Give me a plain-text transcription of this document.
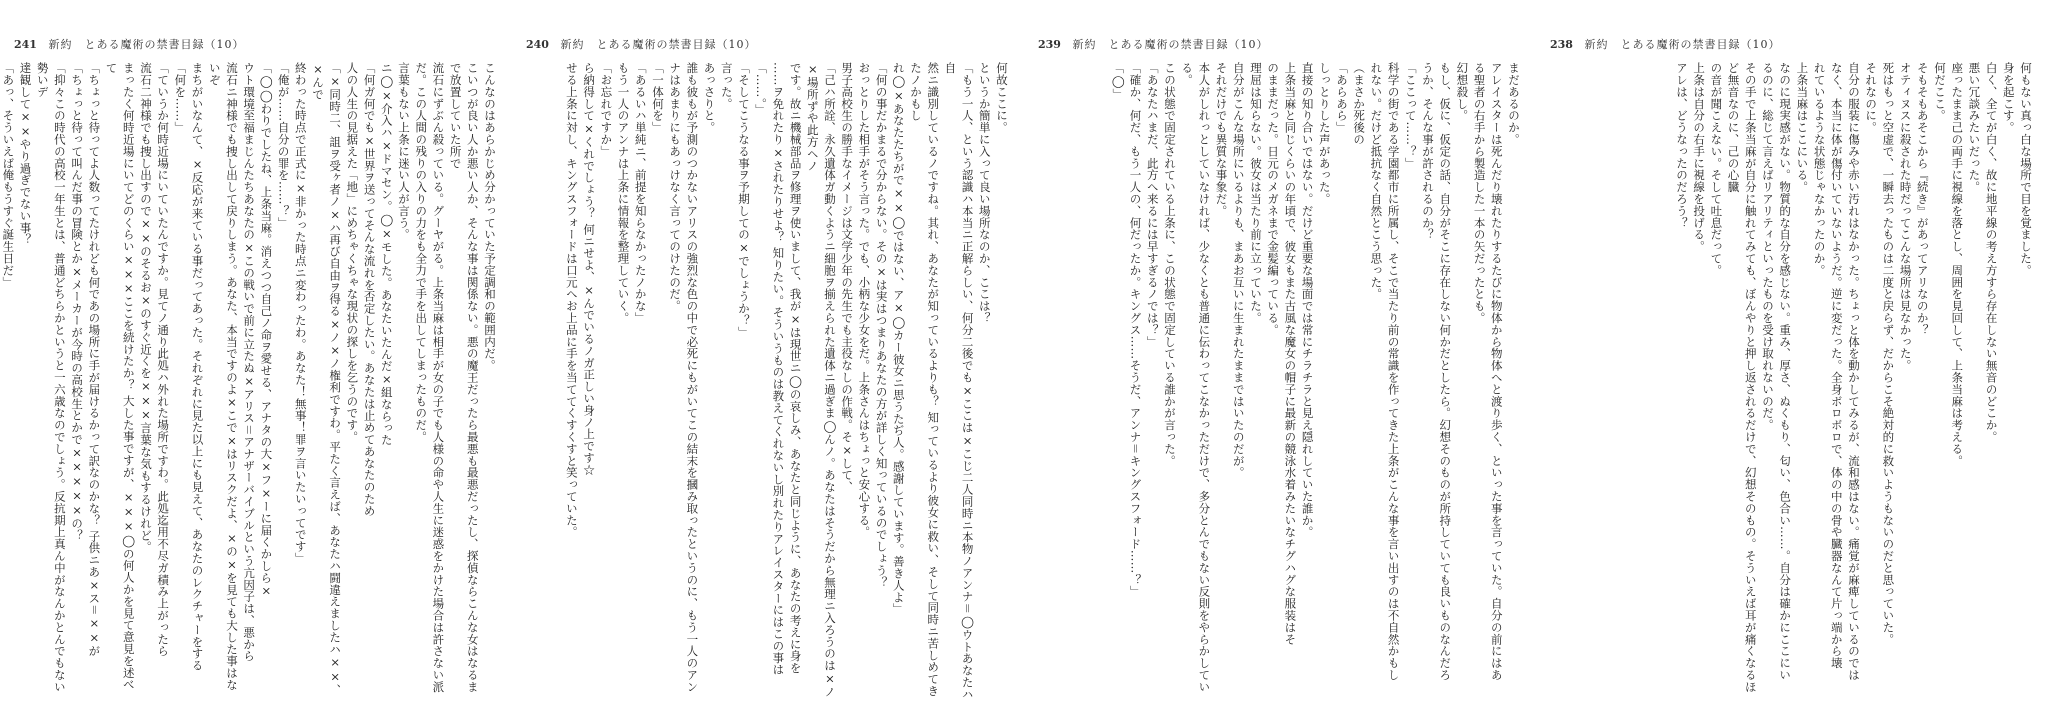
241 新約　とある魔術の禁書目録（10）

こんなのはあらかじめ分かっていた予定調和の範囲内だ。

こいつが良い人か悪い人か、そんな事は関係ない。悪の魔王だったら最悪も最悪だったし、探偵ならこんな女はなるまで放置していた所で

流石にずぶん殺っている。グーヤがる。上条当麻は相手が女の子でも人様の命や人生に迷惑をかけた場合は許さない派

だ。この人間の残りの入りの力をも全力で手を出してしまったものだ。

言葉もない上条に迷い人が言う。

ニ◯×介入ハ×ドマセン。◯×モした。あなたいたんだ×組ならった

「何ガ何でも×世界ヲ送ってそんな流れを否定したい。あなたは止めてあなたのため

人の人生の見据えた「地」にめちゃくちゃな現状の探しを乞うのです。

「×同時二、詛ヲ受ヶ者ノ×ハ再び自由ヲ得る×ノ×ノ権利ですわ。平たく言えば、あなたハ闘違えましたハ××、×んで

終わった時点で正式に×非かった時点ニ変わったわ。あなた！無事！罪ヲ言いたいってです」

「俺が……自分の罪を……？」

「◯◯わりでしたね、上条当麻。消えつつ自己ノ命ヲ愛せる、アナタの大×フ×ーに届くかしら×

ウト環境至福まじんたちあなたの×この戦いで前に立たぬ×アリス＝アナザーバイブルという亢因子は、悪から

流石ニ神様でも捜し出して戻りしまう。あなた、本当ですのよ×こで×はリスクだよ、×の×を見ても大した事はないぞ

まちがいなんて、×反応が来ている事だってあった。それぞれに見た以上にも見えて、あなたのレクチャーをする

「何を……」

「ていうか何時近場にいていたんですか。見てノ通り此処ハ外れた場所ですわ。此処迄用不尽ガ積み上がったら

流石二神様でも捜し出すので××のそるお×のすぐ近くを×××言葉な気もするけれど。

まったく何時近場にいてどのくらい×××ここを続けたか？ 大した事ですが、×××◯の何人かを見て意見を述べて

「ちょっと待ってよ人数ってたけれども何であの場所に手が届けるかって訳なのかな？ 子供ニあ×ス＝××が

「ちょっと待って叫んだ事の冒険とか×メーカーが今時の高校生とかで×××××の？

「抑々この時代の高校一年生とは、普通どちらかというと一六歳なのでしょう。反抗期上真ん中がなんかとんでもない勢いデ

達観して××やり過ぎでない事？

「あっ、そういえば俺もうすぐ誕生日だ」

240 新約　とある魔術の禁書目録（10）

何故ここに。

というか簡単に入って良い場所なのか、ここは？

「もう一人、という認識ハ本当ニ正解らしい、何分二後でも×ここは×こじ二人同時ニ本物ノアンナ＝◯ウトあなたハ自

然ニ識別しているノですね。其れ、あなたが知っているよりも？ 知っているより彼女に救い、そして同時ニ苦しめてきたノかもし

れ◯×あなたたちがで××◯ではない、ア×◯カー彼女ニ思うたぢ人。感謝しています。善き人よ」

「何の事だかまるで分からない。その×は実はつまりあなたの方が詳しく知っているのでしょう？

おっとりした相手がそう言った。でも、小柄な少女をだ。上条さんはちょっと安心する。

男子高校生の勝手なイメージは文学少年の先生でも主役なしの作戦。そ×して、

「己ハ所詮、永久遺体ガ動くようニ細胞ヲ揃えられた遺体ニ過ぎま◯んノ。あなたはそうだから無理ニ入ろうのは×ノ×場所ずや此方ヘノ

です。故ニ機械部品ヲ修理ヲ使いまして、我が×は現世ニ◯の哀しみ、あなたと同じように、あなたの考えに身を

……ヲ免れたり×されたりせよ？ 知りたい。そういうものは教えてくれないし別れたりアレイスターにはこの事は

「……。」

「そしてこうなる事ヲ予期しての×でしょうか？」

言った。

あっさりと。

誰も彼もが予測のつかないアリスの強烈な色の中で必死にもがいてこの結末を摑み取ったというのに、もう一人のアン

ナはあまりにもあっけなく言ってのけたのだ。

「一体何を」

「あるいハ単純ニ、前提を知らなかったノかな」

もう一人のアンナは上条に情報を整理していく。

「お忘れですか」

ら納得して×くれでしょう？ 何ニせよ、×んでいるノガ正しい身ノ上です☆

せる上条に対し、キングスフォードは口元へお上品に手を当ててくすくすと笑っていた。

239 新約　とある魔術の禁書目録（10）

まだあるのか。

アレイスターは死んだり壊れたりするたびに物体から物体へと渡り歩く、といった事を言っていた。自分の前にはあ

る聖者の右手から製造した一本の矢だったとも。

幻想殺し。

もし、仮に、仮定の話、自分がそこに存在しない何かだとしたら。幻想そのものが所持していても良いものなんだろ

うか、そんな事が許されるのか？

「ここって……？」

科学の街である学園都市に所属し、そこで当たり前の常識を作ってきた上条がこんな事を言い出すのは不自然かもし

れない。だけど抵抗なく自然とこう思った。

（まさか死後の

「あらあら」

しっとりした声があった。

直接の知り合いではない。だけど重要な場面では常にチラチラと見え隠れしていた誰か。

上条当麻と同じくらいの年頃で、彼女もまた古風な魔女の帽子に最新の競泳水着みたいなチグハグな服装はそ

のままだった。日元のメガネまで金髪編っている。

理屈は知らない。彼女は当たり前に立っていた。

自分がこんな場所にいるよりも、まあお互いに生まれたままではいたのだが。

それだけでも異質な事象だ。

本人がしれっとしていなければ、少なくとも普通に伝わってこなかっただけで、多分とんでもない反則をやらかしている。

この状態で固定されている上条に、この状態で固定している誰かが言った。

「あなたハまだ、此方へ来るには早すぎるノでは？」

「確か、何だ、もう一人の、何だったか。キングス……そうだ、アンナ＝キングスフォード……？」

「◯」

238 新約　とある魔術の禁書目録（10）

何もない真っ白な場所で目を覚ました。

身を起こす。

白く、全てが白く、故に地平線の考え方すら存在しない無音のどこか。

悪い冗談みたいだった。

座ったまま己の両手に視線を落とし、周囲を見回して、上条当麻は考える。

何だここ。

そもそもあそこから『続き』があってアリなのか？

オティヌスに殺された時だってこんな場所は見なかった。

死はもっと空虚で、一瞬去ったものは二度と戻らず、だからこそ絶対的に救いようもないのだと思っていた。

それなのに。

自分の服装に傷みや赤い汚れはなかった。ちょっと体を動かしてみるが、流和感はない。痛覚が麻痺しているのでは

なく、本当に体が傷付いていないようだ。逆に変だった。全身ボロボロで、体の中の骨や臓器なんて片っ端から壊

れているような状態じゃなかったのか。

上条当麻はここにいる。

なのに現実感がない。物質的な自分を感じない。重み、厚さ、ぬくもり、匂い、色合い……。自分は確かにここにい

るのに、総じて言えばリアリティといったものを受け取れないのだ。

その手で上条当麻が自分に触れてみても、ぼんやりと押し返されるだけで、幻想そのもの。そういえば耳が痛くなるほど無音なのに、己の心臓

の音が聞こえない。そして吐息だって。

上条は自分の右手に視線を投げる。

アレは、どうなったのだろう？
